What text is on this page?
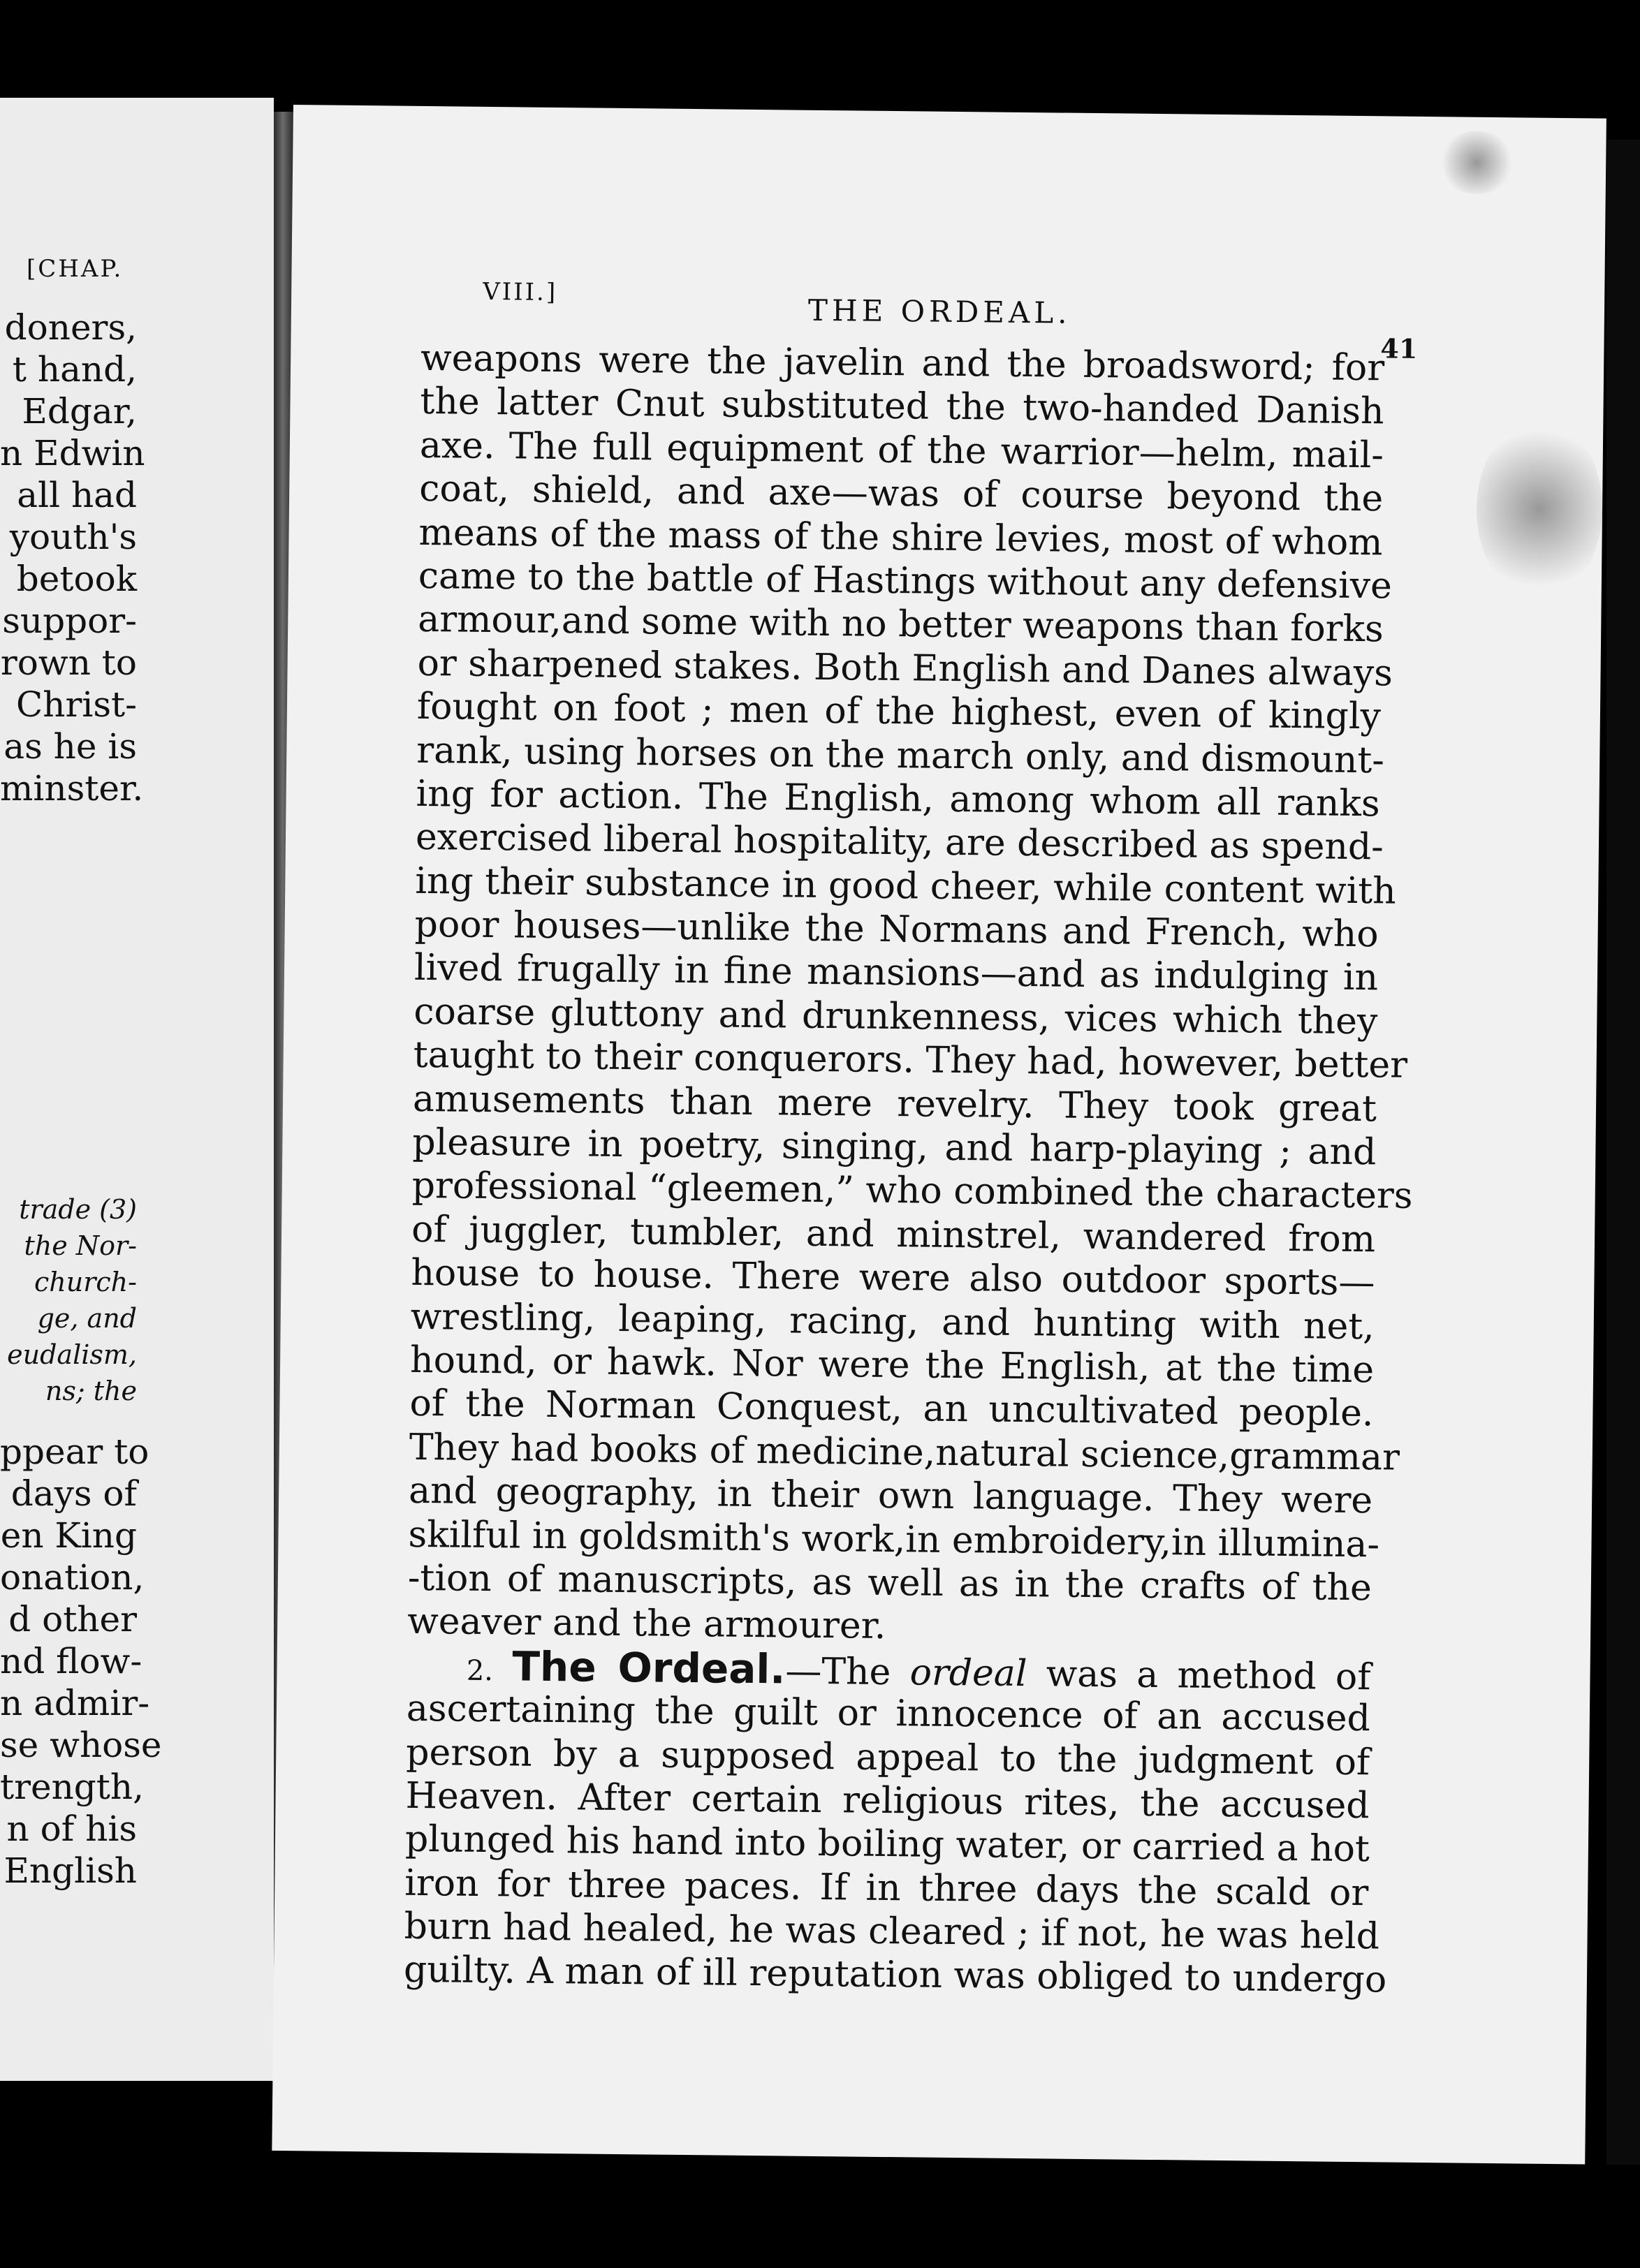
[CHAP.
doners,
t hand,
Edgar,
n Edwin
all had
youth's
betook
suppor-
rown to
Christ-
as he is
minster.
trade (3)
the Nor-
church-
ge, and
eudalism,
ns; the
ppear to
days of
en King
onation,
d other
nd flow-
n admir-
se whose
trength,
n of his
English
VIII.]
THE ORDEAL.
41
weapons were the javelin and the broadsword; for
the latter Cnut substituted the two-handed Danish
axe. The full equipment of the warrior—helm, mail-
coat, shield, and axe—was of course beyond the
means of the mass of the shire levies, most of whom
came to the battle of Hastings without any defensive
armour,and some with no better weapons than forks
or sharpened stakes. Both English and Danes always
fought on foot ; men of the highest, even of kingly
rank, using horses on the march only, and dismount-
ing for action. The English, among whom all ranks
exercised liberal hospitality, are described as spend-
ing their substance in good cheer, while content with
poor houses—unlike the Normans and French, who
lived frugally in fine mansions—and as indulging in
coarse gluttony and drunkenness, vices which they
taught to their conquerors. They had, however, better
amusements than mere revelry. They took great
pleasure in poetry, singing, and harp-playing ; and
professional “gleemen,” who combined the characters
of juggler, tumbler, and minstrel, wandered from
house to house. There were also outdoor sports—
wrestling, leaping, racing, and hunting with net,
hound, or hawk. Nor were the English, at the time
of the Norman Conquest, an uncultivated people.
They had books of medicine,natural science,grammar
and geography, in their own language. They were
skilful in goldsmith's work,in embroidery,in illumina-
-tion of manuscripts, as well as in the crafts of the
weaver and the armourer.
2. The Ordeal.—The ordeal was a method of
ascertaining the guilt or innocence of an accused
person by a supposed appeal to the judgment of
Heaven. After certain religious rites, the accused
plunged his hand into boiling water, or carried a hot
iron for three paces. If in three days the scald or
burn had healed, he was cleared ; if not, he was held
guilty. A man of ill reputation was obliged to undergo
